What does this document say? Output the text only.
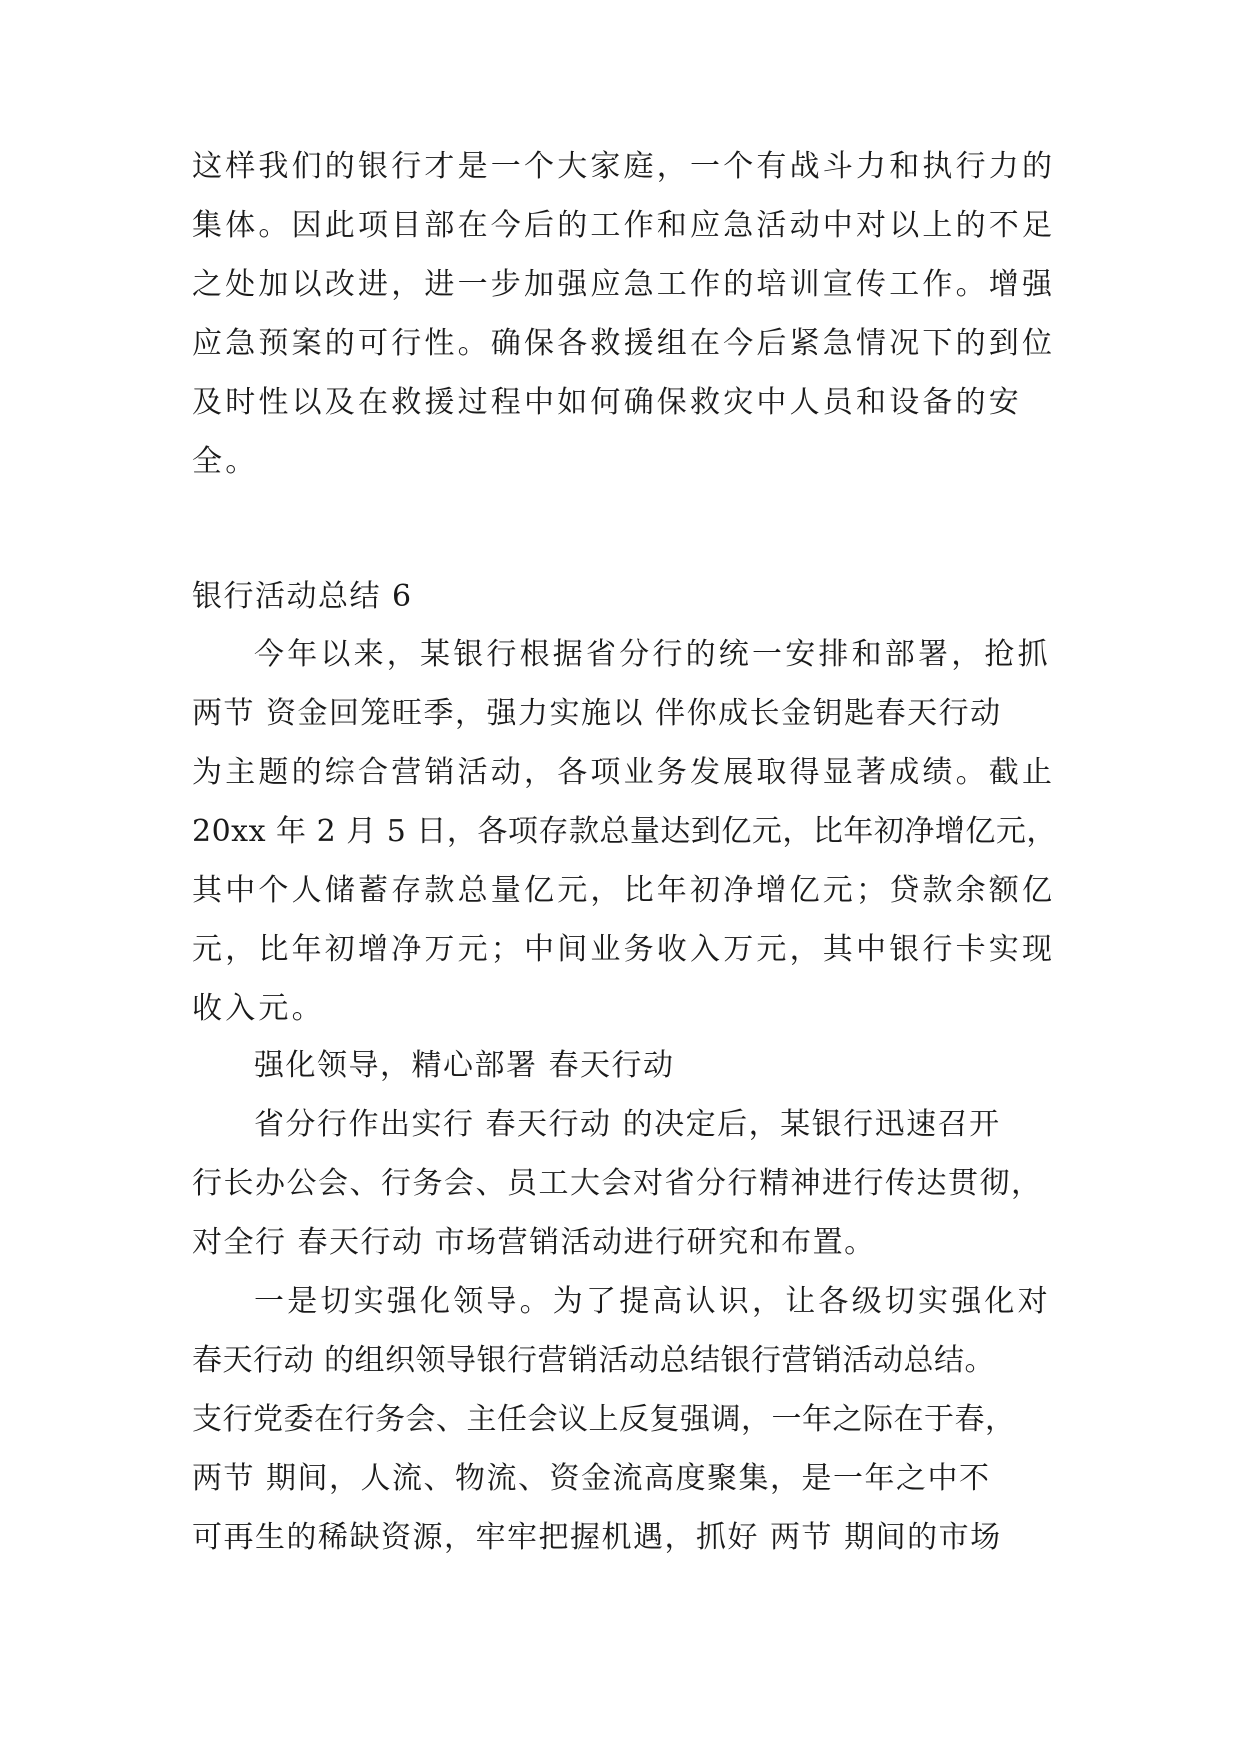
这样我们的银行才是一个大家庭，一个有战斗力和执行力的
集体。因此项目部在今后的工作和应急活动中对以上的不足
之处加以改进，进一步加强应急工作的培训宣传工作。增强
应急预案的可行性。确保各救援组在今后紧急情况下的到位
及时性以及在救援过程中如何确保救灾中人员和设备的安
全。
银行活动总结 6
今年以来，某银行根据省分行的统一安排和部署，抢抓
两节 资金回笼旺季，强力实施以 伴你成长金钥匙春天行动
为主题的综合营销活动，各项业务发展取得显著成绩。截止
20xx 年 2 月 5 日，各项存款总量达到亿元，比年初净增亿元，
其中个人储蓄存款总量亿元，比年初净增亿元；贷款余额亿
元，比年初增净万元；中间业务收入万元，其中银行卡实现
收入元。
强化领导，精心部署 春天行动
省分行作出实行 春天行动 的决定后，某银行迅速召开
行长办公会、行务会、员工大会对省分行精神进行传达贯彻，
对全行 春天行动 市场营销活动进行研究和布置。
一是切实强化领导。为了提高认识，让各级切实强化对
春天行动 的组织领导银行营销活动总结银行营销活动总结。
支行党委在行务会、主任会议上反复强调，一年之际在于春，
两节 期间，人流、物流、资金流高度聚集，是一年之中不
可再生的稀缺资源，牢牢把握机遇，抓好 两节 期间的市场
